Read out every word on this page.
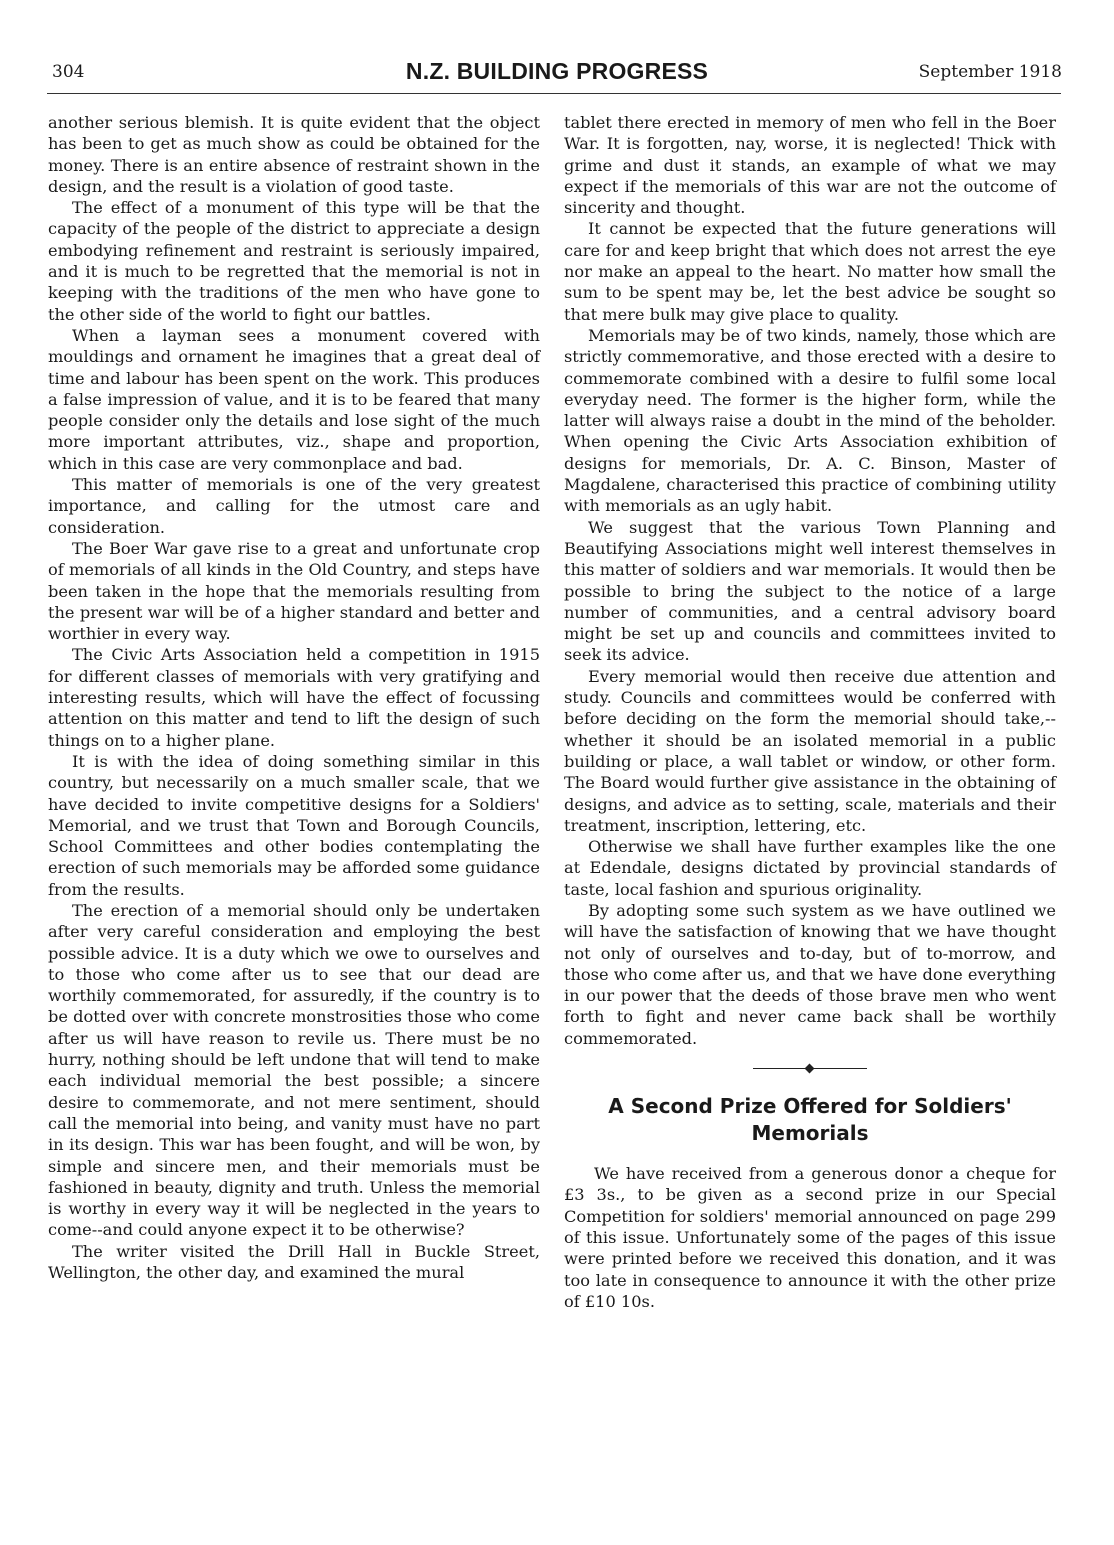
304	N.Z. BUILDING PROGRESS	September 1918

another serious blemish. It is quite evident that the object has been to get as much show as could be obtained for the money. There is an entire absence of restraint shown in the design, and the result is a violation of good taste.

The effect of a monument of this type will be that the capacity of the people of the district to appreciate a design embodying refinement and restraint is seriously impaired, and it is much to be regretted that the memorial is not in keeping with the traditions of the men who have gone to the other side of the world to fight our battles.

When a layman sees a monument covered with mouldings and ornament he imagines that a great deal of time and labour has been spent on the work. This produces a false impression of value, and it is to be feared that many people consider only the details and lose sight of the much more important attributes, viz., shape and proportion, which in this case are very commonplace and bad.

This matter of memorials is one of the very greatest importance, and calling for the utmost care and consideration.

The Boer War gave rise to a great and unfortunate crop of memorials of all kinds in the Old Country, and steps have been taken in the hope that the memorials resulting from the present war will be of a higher standard and better and worthier in every way.

The Civic Arts Association held a competition in 1915 for different classes of memorials with very gratifying and interesting results, which will have the effect of focussing attention on this matter and tend to lift the design of such things on to a higher plane.

It is with the idea of doing something similar in this country, but necessarily on a much smaller scale, that we have decided to invite competitive designs for a Soldiers' Memorial, and we trust that Town and Borough Councils, School Committees and other bodies contemplating the erection of such memorials may be afforded some guidance from the results.

The erection of a memorial should only be undertaken after very careful consideration and employing the best possible advice. It is a duty which we owe to ourselves and to those who come after us to see that our dead are worthily commemorated, for assuredly, if the country is to be dotted over with concrete monstrosities those who come after us will have reason to revile us. There must be no hurry, nothing should be left undone that will tend to make each individual memorial the best possible; a sincere desire to commemorate, and not mere sentiment, should call the memorial into being, and vanity must have no part in its design. This war has been fought, and will be won, by simple and sincere men, and their memorials must be fashioned in beauty, dignity and truth. Unless the memorial is worthy in every way it will be neglected in the years to come--and could anyone expect it to be otherwise?

The writer visited the Drill Hall in Buckle Street, Wellington, the other day, and examined the mural

tablet there erected in memory of men who fell in the Boer War. It is forgotten, nay, worse, it is neglected! Thick with grime and dust it stands, an example of what we may expect if the memorials of this war are not the outcome of sincerity and thought.

It cannot be expected that the future generations will care for and keep bright that which does not arrest the eye nor make an appeal to the heart. No matter how small the sum to be spent may be, let the best advice be sought so that mere bulk may give place to quality.

Memorials may be of two kinds, namely, those which are strictly commemorative, and those erected with a desire to commemorate combined with a desire to fulfil some local everyday need. The former is the higher form, while the latter will always raise a doubt in the mind of the beholder. When opening the Civic Arts Association exhibition of designs for memorials, Dr. A. C. Binson, Master of Magdalene, characterised this practice of combining utility with memorials as an ugly habit.

We suggest that the various Town Planning and Beautifying Associations might well interest themselves in this matter of soldiers and war memorials. It would then be possible to bring the subject to the notice of a large number of communities, and a central advisory board might be set up and councils and committees invited to seek its advice.

Every memorial would then receive due attention and study. Councils and committees would be conferred with before deciding on the form the memorial should take,--whether it should be an isolated memorial in a public building or place, a wall tablet or window, or other form. The Board would further give assistance in the obtaining of designs, and advice as to setting, scale, materials and their treatment, inscription, lettering, etc.

Otherwise we shall have further examples like the one at Edendale, designs dictated by provincial standards of taste, local fashion and spurious originality.

By adopting some such system as we have outlined we will have the satisfaction of knowing that we have thought not only of ourselves and to-day, but of to-morrow, and those who come after us, and that we have done everything in our power that the deeds of those brave men who went forth to fight and never came back shall be worthily commemorated.

A Second Prize Offered for Soldiers' Memorials

We have received from a generous donor a cheque for £3 3s., to be given as a second prize in our Special Competition for soldiers' memorial announced on page 299 of this issue. Unfortunately some of the pages of this issue were printed before we received this donation, and it was too late in consequence to announce it with the other prize of £10 10s.
